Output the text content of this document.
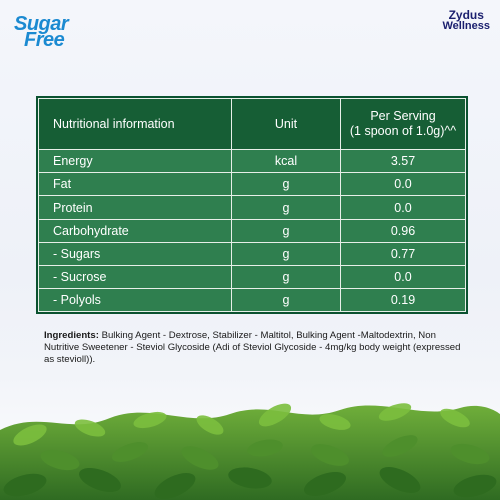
Sugar
Free
Zydus
Wellness
Nutritional information	Unit	Per Serving
(1 spoon of 1.0g)^^

Energy	kcal	3.57
Fat	g	0.0
Protein	g	0.0
Carbohydrate	g	0.96
- Sugars	g	0.77
- Sucrose	g	0.0
- Polyols	g	0.19
Ingredients: Bulking Agent - Dextrose, Stabilizer - Maltitol, Bulking Agent -Maltodextrin, Non Nutritive Sweetener - Steviol Glycoside (Adi of Steviol Glycoside - 4mg/kg body weight (expressed as stevioll)).
